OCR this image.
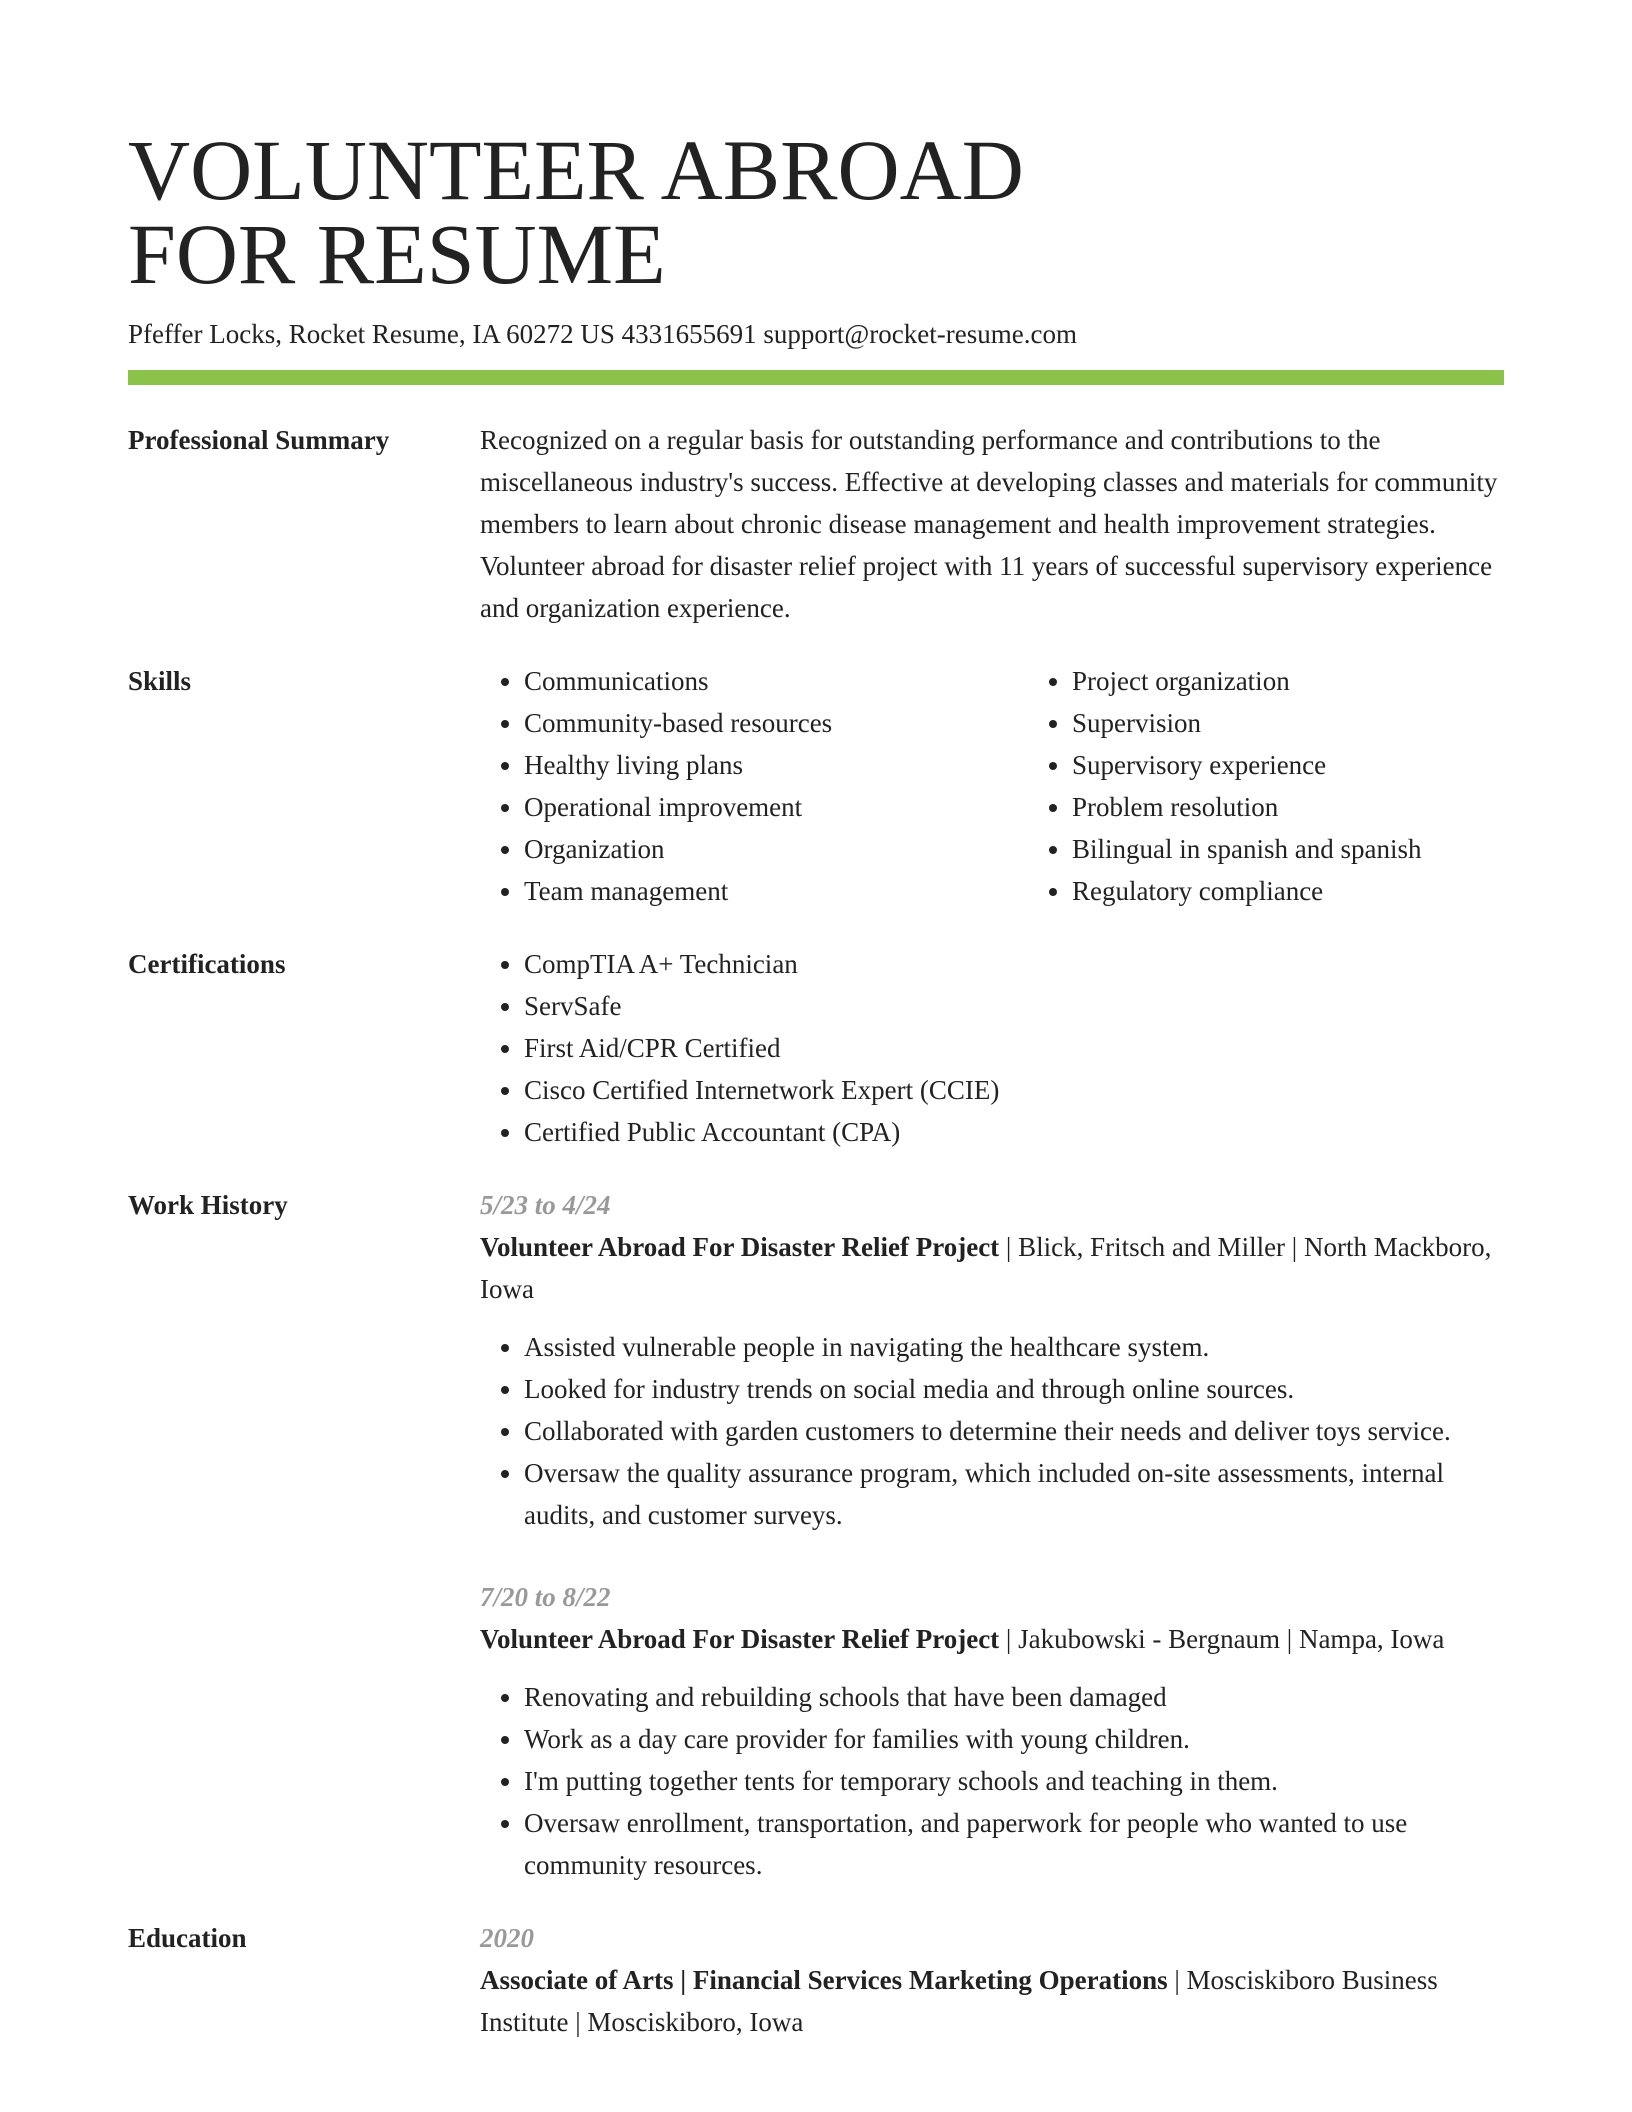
VOLUNTEER ABROAD
FOR RESUME
Pfeffer Locks, Rocket Resume, IA 60272 US 4331655691 support@rocket-resume.com
Professional Summary	Recognized on a regular basis for outstanding performance and contributions to the miscellaneous industry's success. Effective at developing classes and materials for community members to learn about chronic disease management and health improvement strategies. Volunteer abroad for disaster relief project with 11 years of successful supervisory experience and organization experience.

Skills	• Communications
• Community-based resources
• Healthy living plans
• Operational improvement
• Organization
• Team management
• Project organization
• Supervision
• Supervisory experience
• Problem resolution
• Bilingual in spanish and spanish
• Regulatory compliance
Certifications	• CompTIA A+ Technician
• ServSafe
• First Aid/CPR Certified
• Cisco Certified Internetwork Expert (CCIE)
• Certified Public Accountant (CPA)
Work History	5/23 to 4/24

Volunteer Abroad For Disaster Relief Project | Blick, Fritsch and Miller | North Mackboro, Iowa

• Assisted vulnerable people in navigating the healthcare system.
• Looked for industry trends on social media and through online sources.
• Collaborated with garden customers to determine their needs and deliver toys service.
• Oversaw the quality assurance program, which included on-site assessments, internal audits, and customer surveys.
7/20 to 8/22

Volunteer Abroad For Disaster Relief Project | Jakubowski - Bergnaum | Nampa, Iowa

• Renovating and rebuilding schools that have been damaged
• Work as a day care provider for families with young children.
• I'm putting together tents for temporary schools and teaching in them.
• Oversaw enrollment, transportation, and paperwork for people who wanted to use community resources.
Education	2020

Associate of Arts | Financial Services Marketing Operations | Mosciskiboro Business Institute | Mosciskiboro, Iowa
